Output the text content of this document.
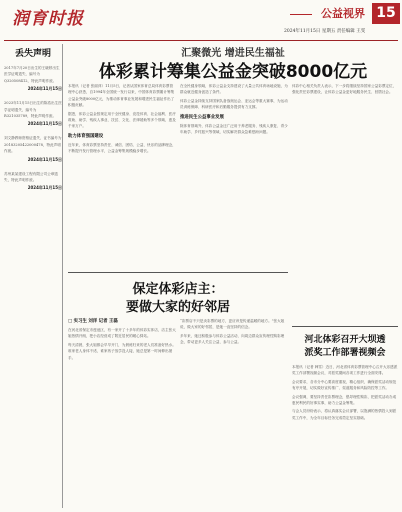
润育时报	公益视界 15
2024年11月15日 星期五 责任编辑 王雯
丢失声明
2017年7月20日出生的王晓婷出生医学证明遗失，编号为Q320508412，特此声明作废。
2024年11月15日
2023年11月15日出生的陈浩出生医学证明遗失，编号为R321035789，特此声明作废。
2024年11月15日
刘文静教师资格证遗失，证书编号为20183205422000478，特此声明作废。
2024年11月15日
苏州某某建设工程有限公司公章遗失，特此声明作废。
2024年11月15日
汇聚微光 增进民生福祉
体彩累计筹集公益金突破8000亿元

本报讯（记者 张丽萍）11月5日，记者从国家体育总局体育彩票管理中心获悉，自1994年全国统一发行以来，中国体育彩票累计筹集公益金突破8000亿元，为推动体育事业发展和增进民生福祉作出了积极贡献。

据悉，体彩公益金按规定用于全民健身、竞技体育、社会福利、医疗救助、助学、残疾人事业、扶贫、文化、法律援助等多个领域，惠及千家万户。

助力体育强国建设

近年来，体育彩票坚持责任、诚信、团结、公益、快乐的品牌理念，不断提升发行管理水平，公益金筹集规模稳步增长。

在全民健身领域，体彩公益金支持建设了大量公共体育场地设施，为群众就近健身创造了条件。

体彩公益金持续支持国家队备战奥运会、亚运会等重大赛事，为运动员训练保障、科研医疗和后勤服务提供有力支撑。

推进民生公益事业发展

除体育领域外，体彩公益金还广泛用于养老服务、残疾人康复、青少年助学、乡村振兴等领域，切实解决群众急难愁盼问题。

体彩中心相关负责人表示，下一步将继续坚持国家公益彩票定位，强化责任彩票建设，让体彩公益金更好地服务民生、回馈社会。

保定体彩店主：
要做大家的好邻居
□ 实习生 刘洋 记者 王磊

在河北省保定市莲池区，有一家开了十多年的体彩实体店，店主张大姐热情开朗，把小店经营成了附近居民的暖心驿站。

每天清晨，张大姐都会早早开门，为晨练归来的老人们准备好热水。谁家老人身体不适，谁家孩子放学没人接，她总是第一时间伸出援手。

“彩票店不只是卖彩票的地方，更应该是传递温暖的地方。”张大姐说，做大家的好邻居，是她一直坚持的信念。

多年来，她还积极参与体彩公益活动，向周边群众宣传理性购彩理念，带动更多人关注公益、参与公益。	河北体彩召开大坝透
派奖工作部署视频会

本报讯（记者 韩雪）近日，河北省体育彩票管理中心召开大乐透派奖工作部署视频会议，对派奖期间各项工作进行全面安排。

会议要求，各市分中心要高度重视，精心组织，确保派奖活动规范有序开展，切实做好宣传推广、渠道服务和风险防控等工作。

会议强调，要坚持责任彩票理念，倡导理性购彩，把派奖活动办成惠民利民的好事实事，助力公益金筹集。

与会人员纷纷表示，将认真落实会议部署，以饱满的热情投入到派奖工作中，为全年目标任务完成奠定坚实基础。
